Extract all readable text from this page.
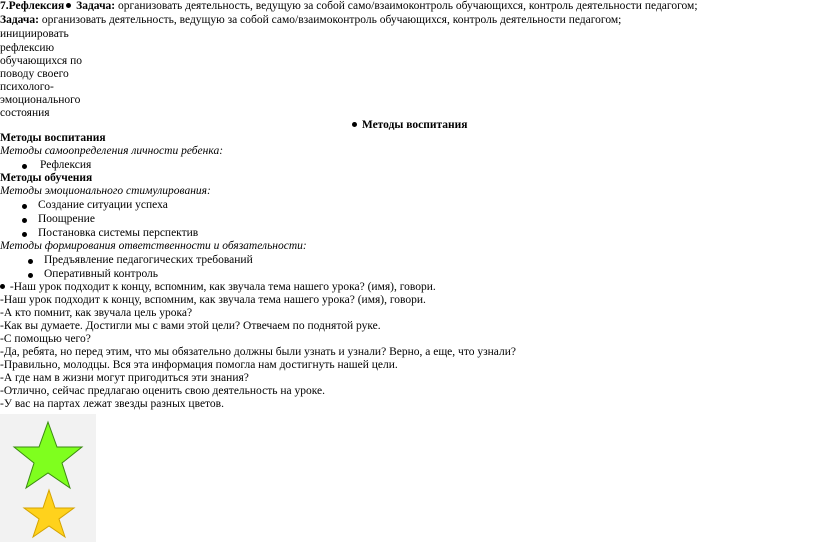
7.Рефлексия Задача: организовать деятельность, ведущую за собой само/взаимоконтроль обучающихся, контроль деятельности педагогом;
Задача: организовать деятельность, ведущую за собой само/взаимоконтроль обучающихся, контроль деятельности педагогом;
инициировать
рефлексию
обучающихся по
поводу своего
психолого-
эмоционального
состояния
Методы воспитания
Методы воспитания
Методы самоопределения личности ребенка:
Рефлексия
Методы обучения
Методы эмоционального стимулирования:
Создание ситуации успеха
Поощрение
Постановка системы перспектив
Методы формирования ответственности и обязательности:
Предъявление педагогических требований
Оперативный контроль
-Наш урок подходит к концу, вспомним, как звучала тема нашего урока? (имя), говори.
-Наш урок подходит к концу, вспомним, как звучала тема нашего урока? (имя), говори.
-А кто помнит, как звучала цель урока?
-Как вы думаете. Достигли мы с вами этой цели? Отвечаем по поднятой руке.
-С помощью чего?
-Да, ребята, но перед этим, что мы обязательно должны были узнать и узнали? Верно, а еще, что узнали?
-Правильно, молодцы. Вся эта информация помогла нам достигнуть нашей цели.
-А где нам в жизни могут пригодиться эти знания?
-Отлично, сейчас предлагаю оценить свою деятельность на уроке.
-У вас на партах лежат звезды разных цветов.
